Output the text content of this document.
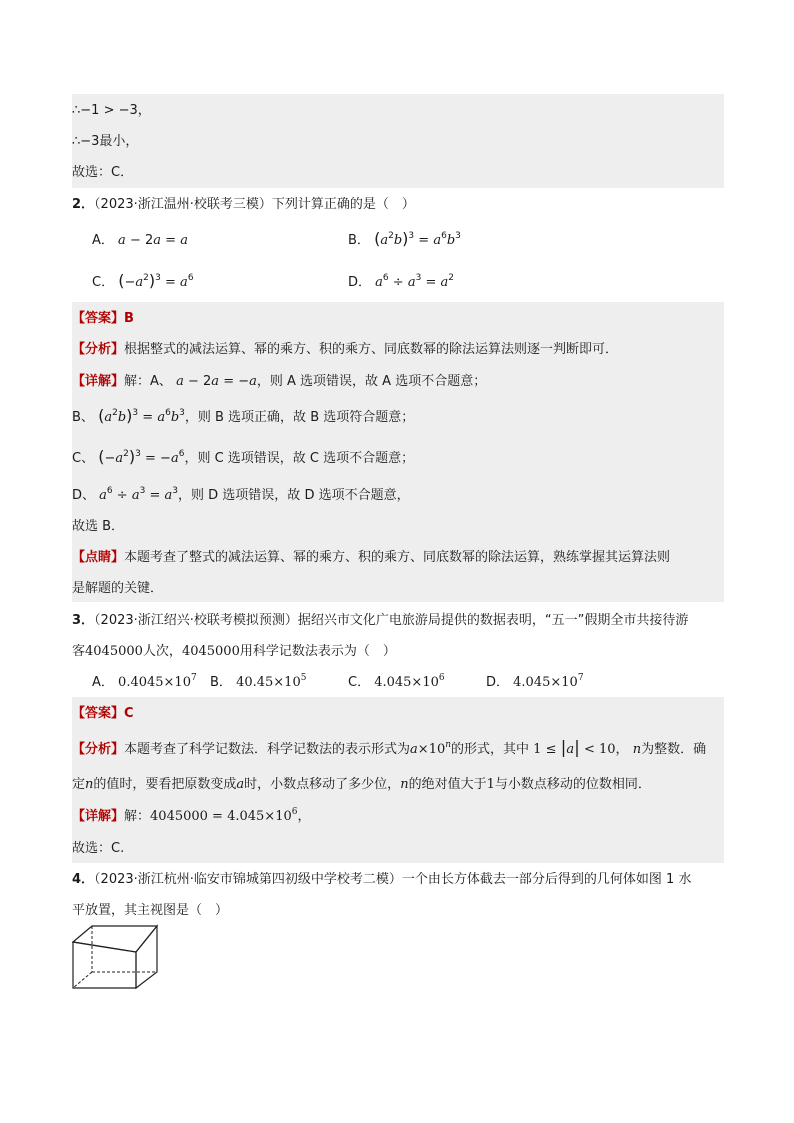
∴−1 > −3，
∴−3最小，
故选：C．
2．（2023·浙江温州·校联考三模）下列计算正确的是（　）
A． a − 2a = a	B． $(a^2b)^3 = a^6b^3$
C． $(-a^2)^3 = a^6$	D． $a^6 \div a^3 = a^2$
【答案】B
【分析】根据整式的减法运算、幂的乘方、积的乘方、同底数幂的除法运算法则逐一判断即可．
【详解】解：A、 a − 2a = −a，则 A 选项错误，故 A 选项不合题意；
B、 $(a^2b)^3 = a^6b^3$，则 B 选项正确，故 B 选项符合题意；
C、 $(-a^2)^3 = -a^6$，则 C 选项错误，故 C 选项不合题意；
D、 $a^6 \div a^3 = a^3$，则 D 选项错误，故 D 选项不合题意，
故选 B．
【点睛】本题考查了整式的减法运算、幂的乘方、积的乘方、同底数幂的除法运算，熟练掌握其运算法则
是解题的关键．
3．（2023·浙江绍兴·校联考模拟预测）据绍兴市文化广电旅游局提供的数据表明，“五一”假期全市共接待游
客4045000人次，4045000用科学记数法表示为（　）
A． $0.4045\times 10^7$ B． $40.45\times 10^5$	C． $4.045\times 10^6$	D． $4.045\times 10^7$
【答案】C
【分析】本题考查了科学记数法．科学记数法的表示形式为$a\times 10^n$的形式，其中 1 ≤ |a| < 10， n为整数．确
定n的值时，要看把原数变成a时，小数点移动了多少位，n的绝对值大于1与小数点移动的位数相同．
【详解】解：$4045000 = 4.045\times 10^6$，
故选：C.
4．（2023·浙江杭州·临安市锦城第四初级中学校考二模）一个由长方体截去一部分后得到的几何体如图 1 水
平放置，其主视图是（　）
